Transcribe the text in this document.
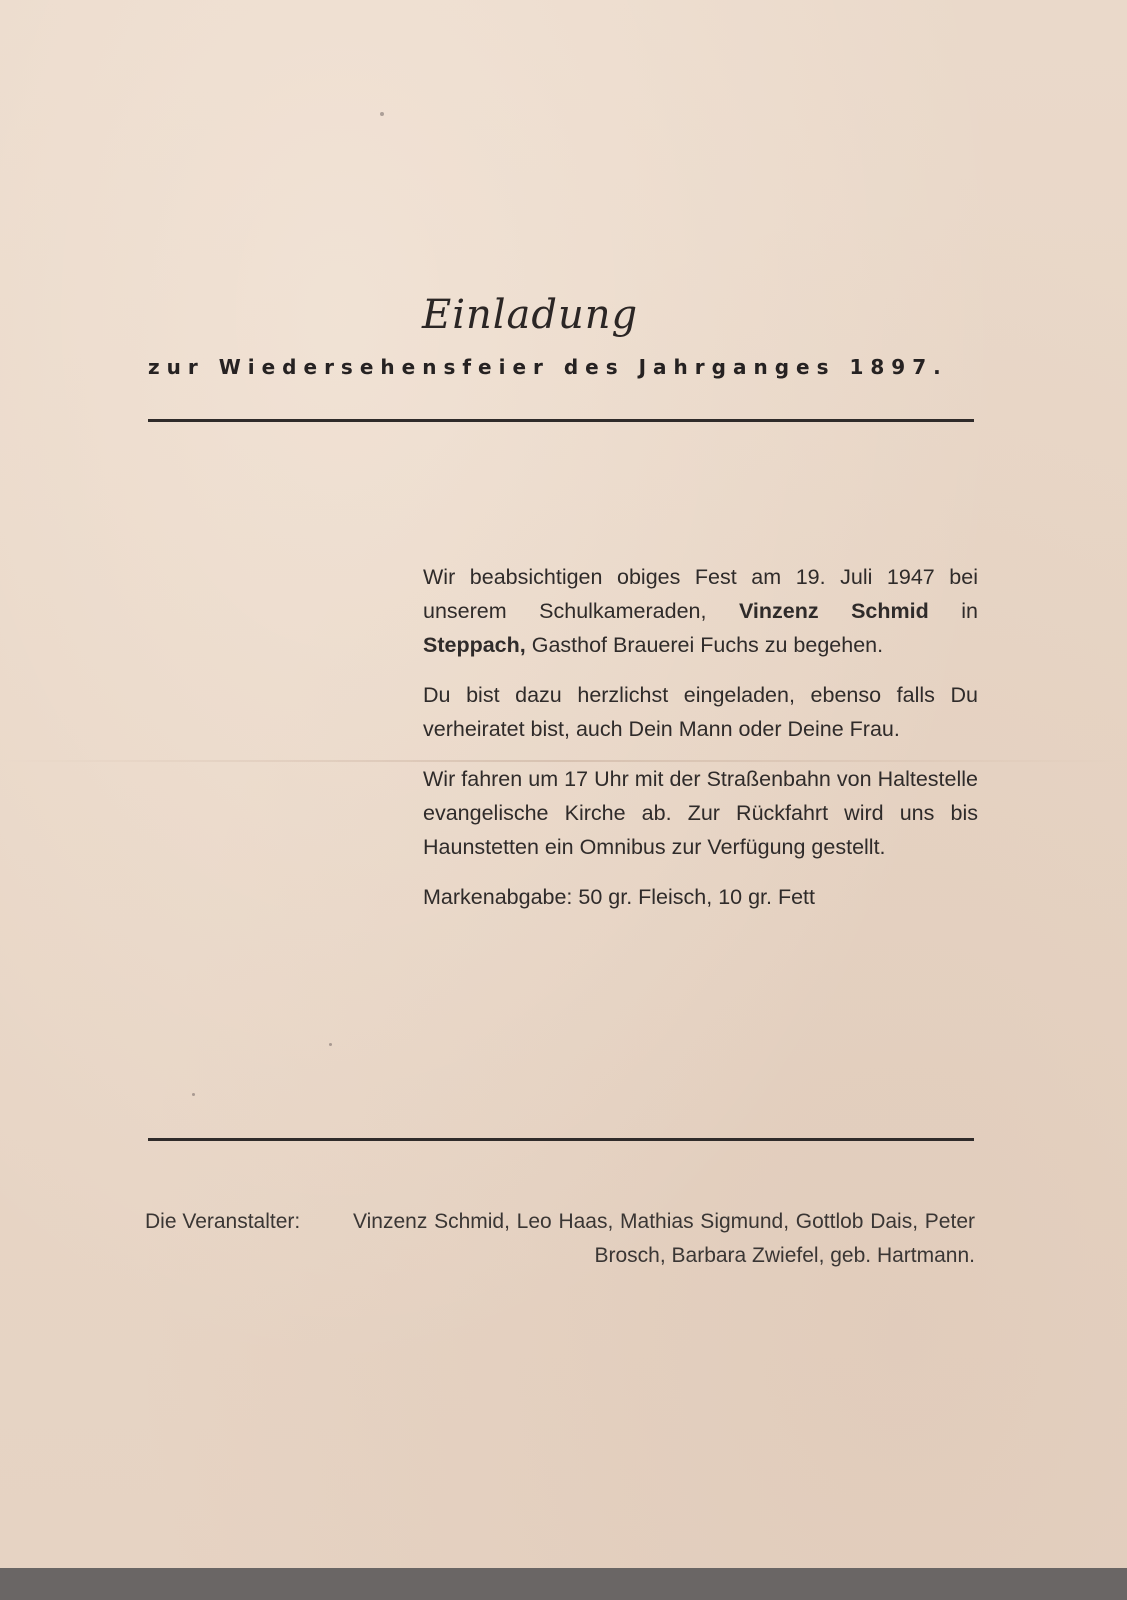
Einladung
zur Wiedersehensfeier des Jahrganges 1897.

Wir beabsichtigen obiges Fest am 19. Juli 1947 bei unserem Schulkameraden, Vinzenz Schmid in Steppach, Gasthof Brauerei Fuchs zu begehen.

Du bist dazu herzlichst eingeladen, ebenso falls Du verheiratet bist, auch Dein Mann oder Deine Frau.

Wir fahren um 17 Uhr mit der Straßenbahn von Haltestelle evangelische Kirche ab. Zur Rückfahrt wird uns bis Haunstetten ein Omnibus zur Verfügung gestellt.

Markenabgabe: 50 gr. Fleisch, 10 gr. Fett

Die Veranstalter:	Vinzenz Schmid, Leo Haas, Mathias Sigmund, Gottlob Dais, Peter Brosch, Barbara Zwiefel, geb. Hartmann.
